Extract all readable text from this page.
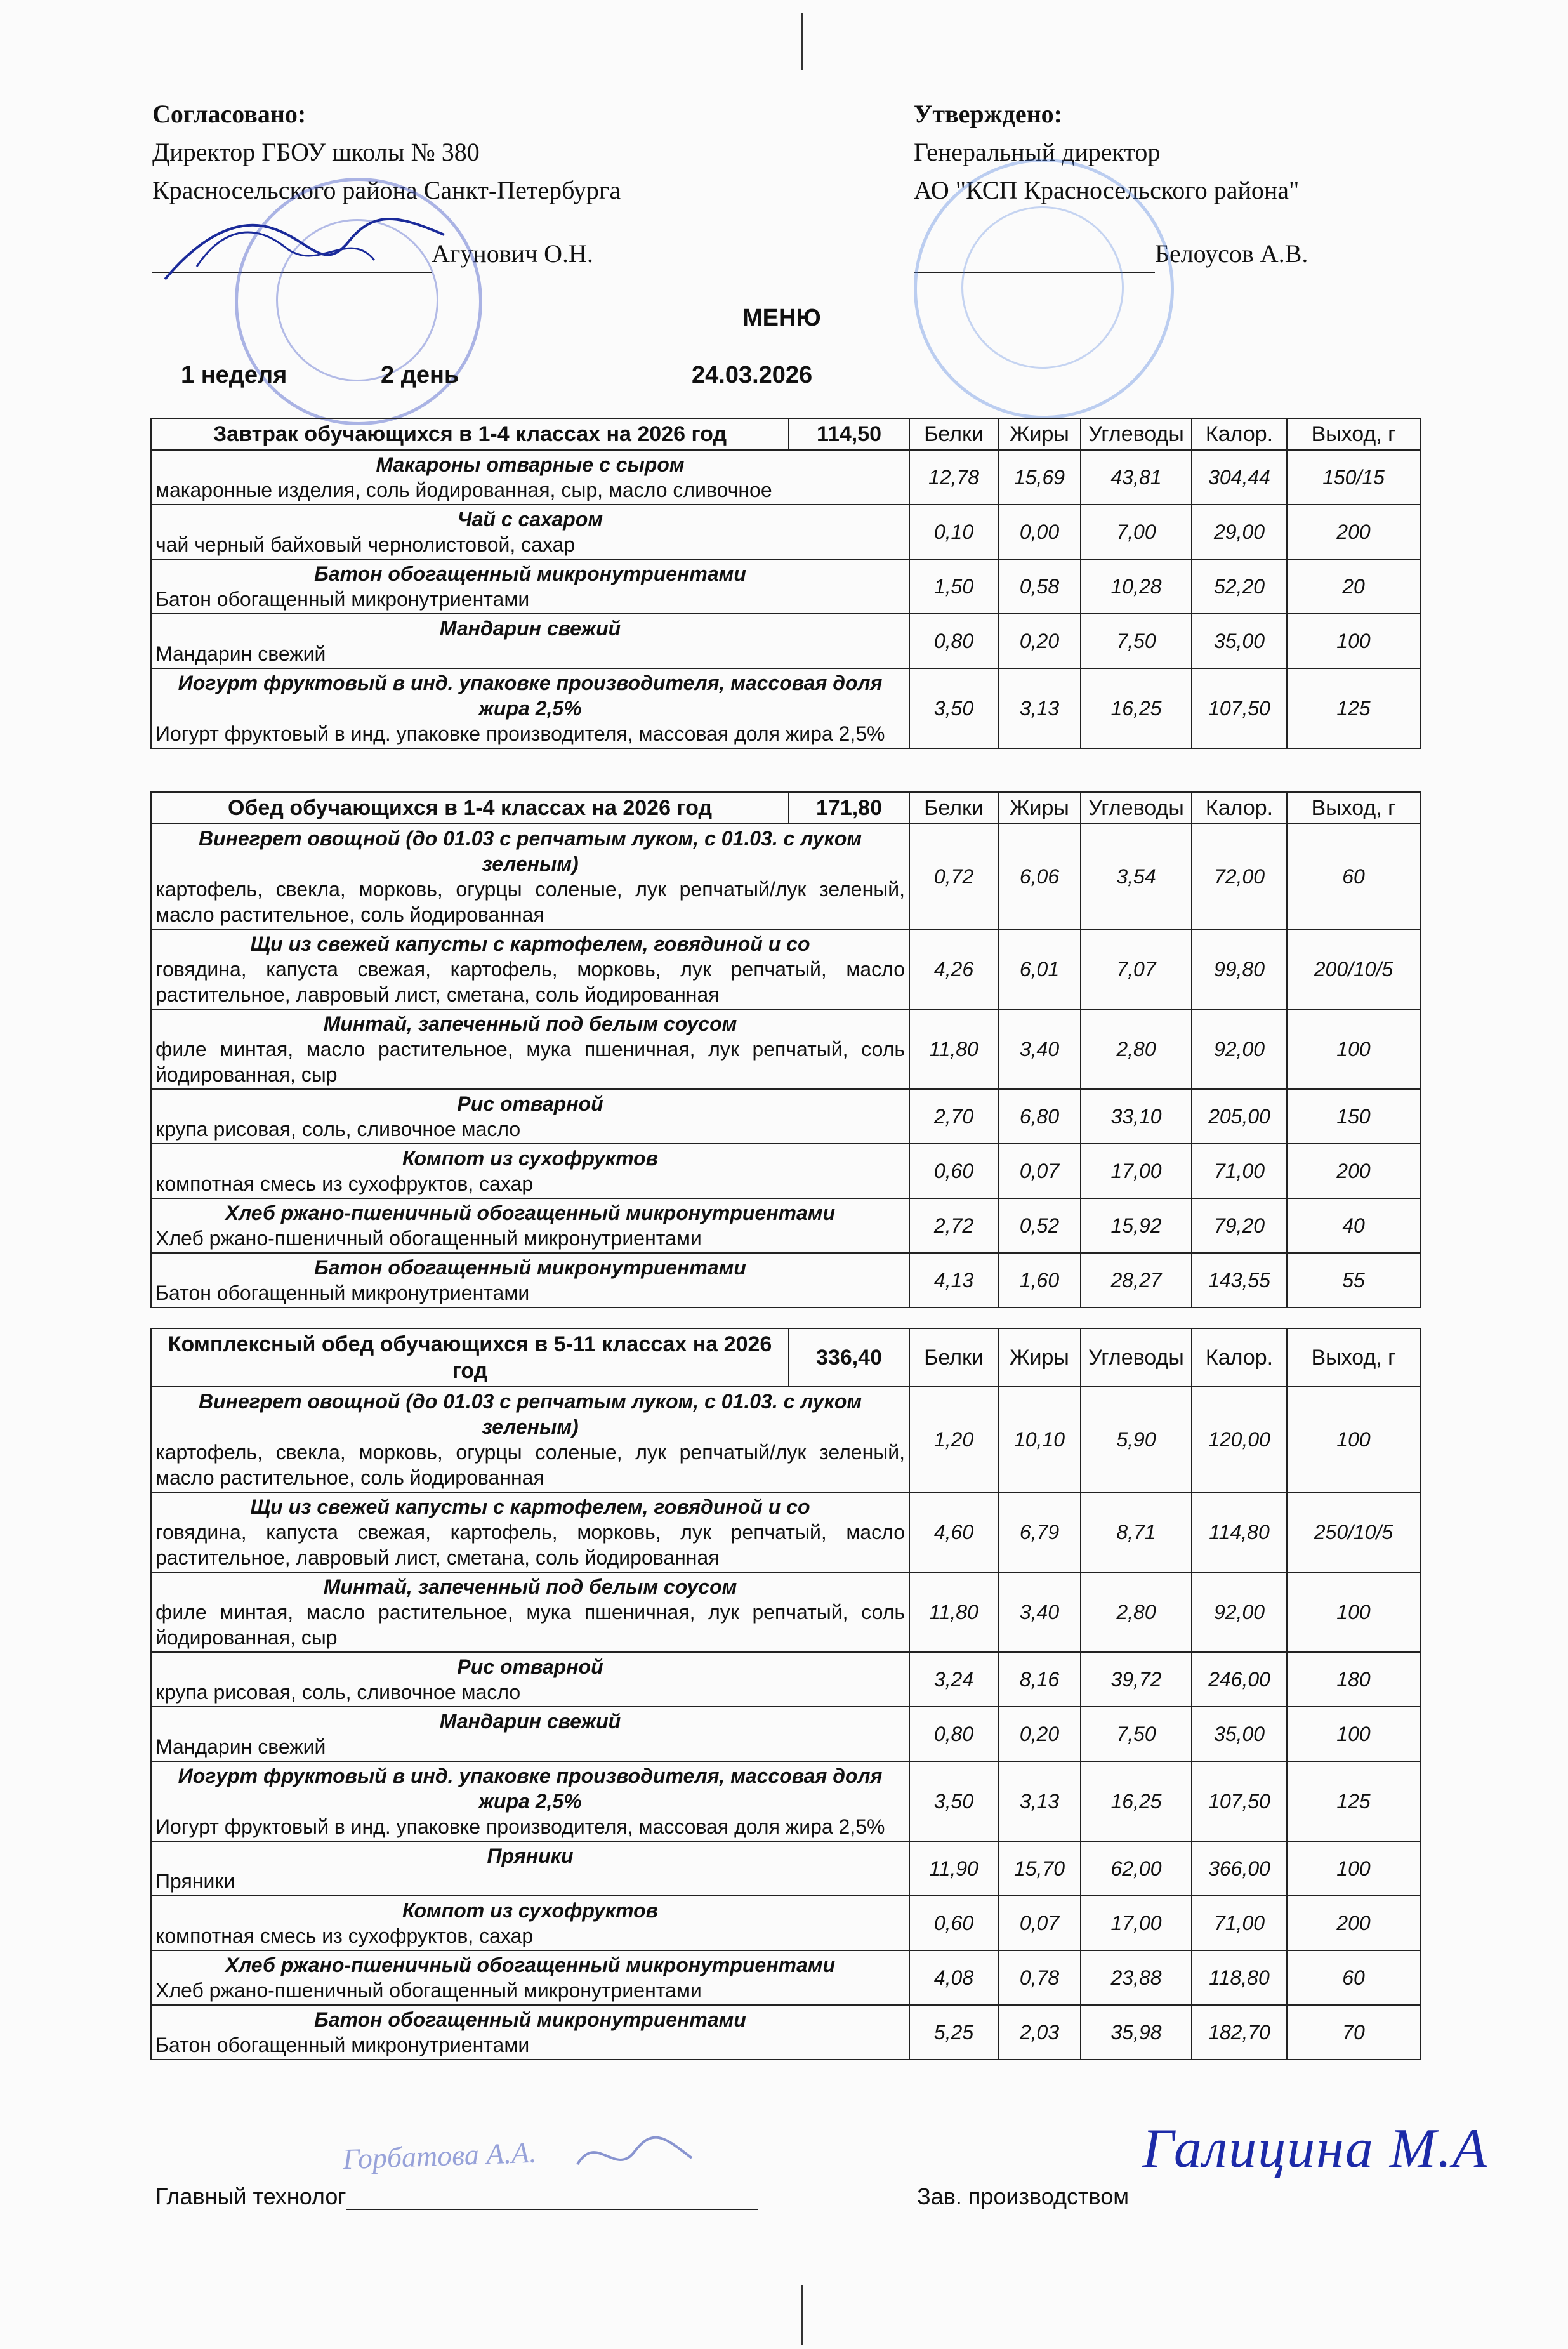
Согласовано:
Директор ГБОУ школы № 380
Красносельского района Санкт-Петербурга
Агунович О.Н.
Утверждено:
Генеральный директор
АО "КСП Красносельского района"
Белоусов А.В.
МЕНЮ
1 неделя	2 день	24.03.2026
Завтрак обучающихся в 1-4 классах на 2026 год	114,50	Белки	Жиры	Углеводы	Калор.	Выход, г

Макароны отварные с сыром
макаронные изделия, соль йодированная, сыр, масло сливочное		12,78	15,69	43,81	304,44	150/15

Чай с сахаром
чай черный байховый чернолистовой, сахар		0,10	0,00	7,00	29,00	200

Батон обогащенный микронутриентами
Батон обогащенный микронутриентами		1,50	0,58	10,28	52,20	20

Мандарин свежий
Мандарин свежий		0,80	0,20	7,50	35,00	100

Иогурт фруктовый в инд. упаковке производителя, массовая доля жира 2,5%
Иогурт фруктовый в инд. упаковке производителя, массовая доля жира 2,5%		3,50	3,13	16,25	107,50	125
Обед обучающихся в 1-4 классах на 2026 год	171,80	Белки	Жиры	Углеводы	Калор.	Выход, г

Винегрет овощной (до 01.03 с репчатым луком, с 01.03. с луком зеленым)
картофель, свекла, морковь, огурцы соленые, лук репчатый/лук зеленый, масло растительное, соль йодированная		0,72	6,06	3,54	72,00	60

Щи из свежей капусты с картофелем, говядиной и со
говядина, капуста свежая, картофель, морковь, лук репчатый, масло растительное, лавровый лист, сметана, соль йодированная		4,26	6,01	7,07	99,80	200/10/5

Минтай, запеченный под белым соусом
филе минтая, масло растительное, мука пшеничная, лук репчатый, соль йодированная, сыр		11,80	3,40	2,80	92,00	100

Рис отварной
крупа рисовая, соль, сливочное масло		2,70	6,80	33,10	205,00	150

Компот из сухофруктов
компотная смесь из сухофруктов, сахар		0,60	0,07	17,00	71,00	200

Хлеб ржано-пшеничный обогащенный микронутриентами
Хлеб ржано-пшеничный обогащенный микронутриентами		2,72	0,52	15,92	79,20	40

Батон обогащенный микронутриентами
Батон обогащенный микронутриентами		4,13	1,60	28,27	143,55	55
Комплексный обед обучающихся в 5-11 классах на 2026 год	336,40	Белки	Жиры	Углеводы	Калор.	Выход, г

Винегрет овощной (до 01.03 с репчатым луком, с 01.03. с луком зеленым)
картофель, свекла, морковь, огурцы соленые, лук репчатый/лук зеленый, масло растительное, соль йодированная		1,20	10,10	5,90	120,00	100

Щи из свежей капусты с картофелем, говядиной и со
говядина, капуста свежая, картофель, морковь, лук репчатый, масло растительное, лавровый лист, сметана, соль йодированная		4,60	6,79	8,71	114,80	250/10/5

Минтай, запеченный под белым соусом
филе минтая, масло растительное, мука пшеничная, лук репчатый, соль йодированная, сыр		11,80	3,40	2,80	92,00	100

Рис отварной
крупа рисовая, соль, сливочное масло		3,24	8,16	39,72	246,00	180

Мандарин свежий
Мандарин свежий		0,80	0,20	7,50	35,00	100

Иогурт фруктовый в инд. упаковке производителя, массовая доля жира 2,5%
Иогурт фруктовый в инд. упаковке производителя, массовая доля жира 2,5%		3,50	3,13	16,25	107,50	125

Пряники
Пряники		11,90	15,70	62,00	366,00	100

Компот из сухофруктов
компотная смесь из сухофруктов, сахар		0,60	0,07	17,00	71,00	200

Хлеб ржано-пшеничный обогащенный микронутриентами
Хлеб ржано-пшеничный обогащенный микронутриентами		4,08	0,78	23,88	118,80	60

Батон обогащенный микронутриентами
Батон обогащенный микронутриентами		5,25	2,03	35,98	182,70	70
Главный технолог
Горбатова А.А.
Зав. производством
Галицина М.А
